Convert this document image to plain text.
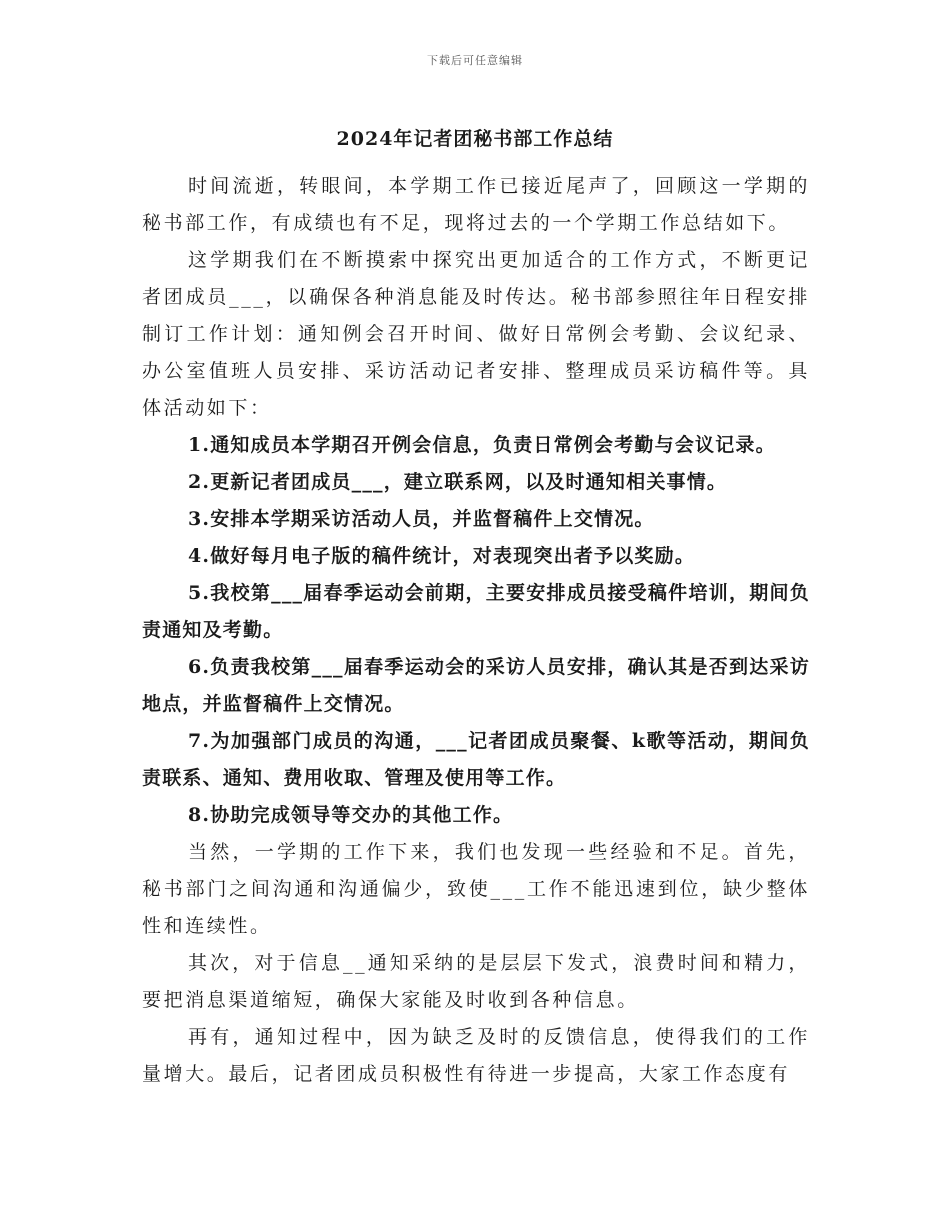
下载后可任意编辑
2024年记者团秘书部工作总结

时间流逝，转眼间，本学期工作已接近尾声了，回顾这一学期的秘书部工作，有成绩也有不足，现将过去的一个学期工作总结如下。

这学期我们在不断摸索中探究出更加适合的工作方式，不断更记者团成员___，以确保各种消息能及时传达。秘书部参照往年日程安排制订工作计划：通知例会召开时间、做好日常例会考勤、会议纪录、办公室值班人员安排、采访活动记者安排、整理成员采访稿件等。具体活动如下：

1.通知成员本学期召开例会信息，负责日常例会考勤与会议记录。

2.更新记者团成员___，建立联系网，以及时通知相关事情。

3.安排本学期采访活动人员，并监督稿件上交情况。

4.做好每月电子版的稿件统计，对表现突出者予以奖励。

5.我校第___届春季运动会前期，主要安排成员接受稿件培训，期间负责通知及考勤。

6.负责我校第___届春季运动会的采访人员安排，确认其是否到达采访地点，并监督稿件上交情况。

7.为加强部门成员的沟通，___记者团成员聚餐、k歌等活动，期间负责联系、通知、费用收取、管理及使用等工作。

8.协助完成领导等交办的其他工作。

当然，一学期的工作下来，我们也发现一些经验和不足。首先，秘书部门之间沟通和沟通偏少，致使___工作不能迅速到位，缺少整体性和连续性。

其次，对于信息__通知采纳的是层层下发式，浪费时间和精力，要把消息渠道缩短，确保大家能及时收到各种信息。

再有，通知过程中，因为缺乏及时的反馈信息，使得我们的工作量增大。最后，记者团成员积极性有待进一步提高，大家工作态度有
